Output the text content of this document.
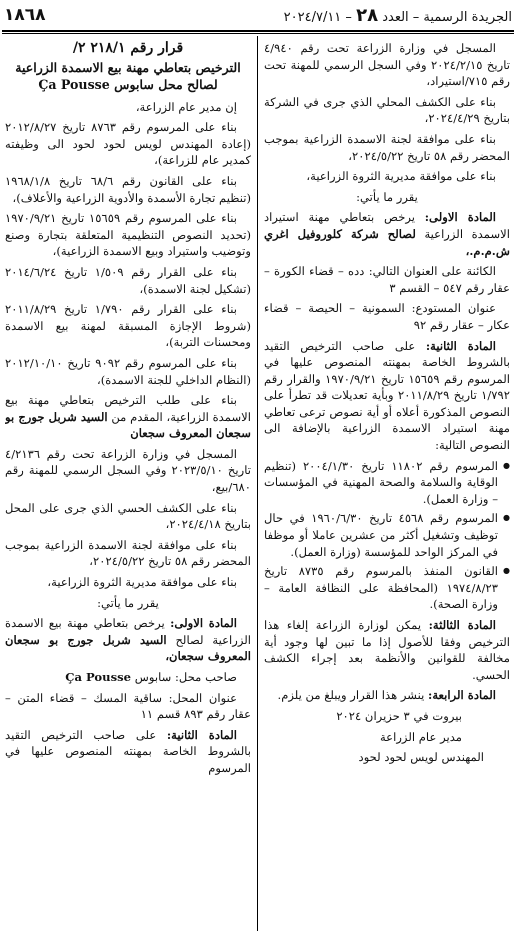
١٨٦٨	الجريدة الرسمية – العدد ٢٨ – ٢٠٢٤/٧/١١

المسجل في وزارة الزراعة تحت رقم ٤/٩٤٠ تاريخ ٢٠٢٤/٢/١٥ وفي السجل الرسمي للمهنة تحت رقم ٧١٥/استيراد،

بناء على الكشف المحلي الذي جرى في الشركة بتاريخ ٢٠٢٤/٤/٢٩،

بناء على موافقة لجنة الاسمدة الزراعية بموجب المحضر رقم ٥٨ تاريخ ٢٠٢٤/٥/٢٢،

بناء على موافقة مديرية الثروة الزراعية،

يقرر ما يأتي:

المادة الاولى: يرخص بتعاطي مهنة استيراد الاسمدة الزراعية لصالح شركة كلوروفيل اغري ش.م.م.،

الكائنة على العنوان التالي: دده – قضاء الكورة – عقار رقم ٥٤٧ – القسم ٣

عنوان المستودع: السمونية – الحيصة – قضاء عكار – عقار رقم ٩٢

المادة الثانية: على صاحب الترخيص التقيد بالشروط الخاصة بمهنته المنصوص عليها في المرسوم رقم ١٥٦٥٩ تاريخ ١٩٧٠/٩/٢١ والقرار رقم ١/٧٩٢ تاريخ ٢٠١١/٨/٢٩ وبأية تعديلات قد تطرأ على النصوص المذكورة أعلاه أو أية نصوص ترعى تعاطي مهنة استيراد الاسمدة الزراعية بالإضافة الى النصوص التالية:

● المرسوم رقم ١١٨٠٢ تاريخ ٢٠٠٤/١/٣٠ (تنظيم الوقاية والسلامة والصحة المهنية في المؤسسات – وزارة العمل).
● المرسوم رقم ٤٥٦٨ تاريخ ١٩٦٠/٦/٣٠ في حال توظيف وتشغيل أكثر من عشرين عاملا أو موظفا في المركز الواحد للمؤسسة (وزارة العمل).
● القانون المنفذ بالمرسوم رقم ٨٧٣٥ تاريخ ١٩٧٤/٨/٢٣ (المحافظة على النظافة العامة – وزارة الصحة).

المادة الثالثة: يمكن لوزارة الزراعة إلغاء هذا الترخيص وفقا للأصول إذا ما تبين لها وجود أية مخالفة للقوانين والأنظمة بعد إجراء الكشف الحسي.

المادة الرابعة: ينشر هذا القرار ويبلغ من يلزم.

بيروت في ٣ حزيران ٢٠٢٤

مدير عام الزراعة

المهندس لويس لحود لحود

قرار رقم ٢١٨/١ ٢/
الترخيص بتعاطي مهنة بيع الاسمدة الزراعية
لصالح محل سابوس Ça Pousse

إن مدير عام الزراعة،

بناء على المرسوم رقم ٨٧٦٣ تاريخ ٢٠١٢/٨/٢٧ (إعادة المهندس لويس لحود لحود الى وظيفته كمدير عام للزراعة)،

بناء على القانون رقم ٦٨/٦ تاريخ ١٩٦٨/١/٨ (تنظيم تجارة الأسمدة والأدوية الزراعية والأعلاف)،

بناء على المرسوم رقم ١٥٦٥٩ تاريخ ١٩٧٠/٩/٢١ (تحديد النصوص التنظيمية المتعلقة بتجارة وصنع وتوضيب واستيراد وبيع الاسمدة الزراعية)،

بناء على القرار رقم ١/٥٠٩ تاريخ ٢٠١٤/٦/٢٤ (تشكيل لجنة الاسمدة)،

بناء على القرار رقم ١/٧٩٠ تاريخ ٢٠١١/٨/٢٩ (شروط الإجازة المسبقة لمهنة بيع الاسمدة ومحسنات التربة)،

بناء على المرسوم رقم ٩٠٩٢ تاريخ ٢٠١٢/١٠/١٠ (النظام الداخلي للجنة الاسمدة)،

بناء على طلب الترخيص بتعاطي مهنة بيع الاسمدة الزراعية، المقدم من السيد شربل جورج بو سجعان المعروف سجعان

المسجل في وزارة الزراعة تحت رقم ٤/٢١٣٦ تاريخ ٢٠٢٣/٥/١٠ وفي السجل الرسمي للمهنة رقم ٦٨٠/بيع،

بناء على الكشف الحسي الذي جرى على المحل بتاريخ ٢٠٢٤/٤/١٨،

بناء على موافقة لجنة الاسمدة الزراعية بموجب المحضر رقم ٥٨ تاريخ ٢٠٢٤/٥/٢٢،

بناء على موافقة مديرية الثروة الزراعية،

يقرر ما يأتي:

المادة الاولى: يرخص بتعاطي مهنة بيع الاسمدة الزراعية لصالح السيد شربل جورج بو سجعان المعروف سجعان،

صاحب محل: سابوس Ça Pousse

عنوان المحل: ساقية المسك – قضاء المتن – عقار رقم ٨٩٣ قسم ١١

المادة الثانية: على صاحب الترخيص التقيد بالشروط الخاصة بمهنته المنصوص عليها في المرسوم
